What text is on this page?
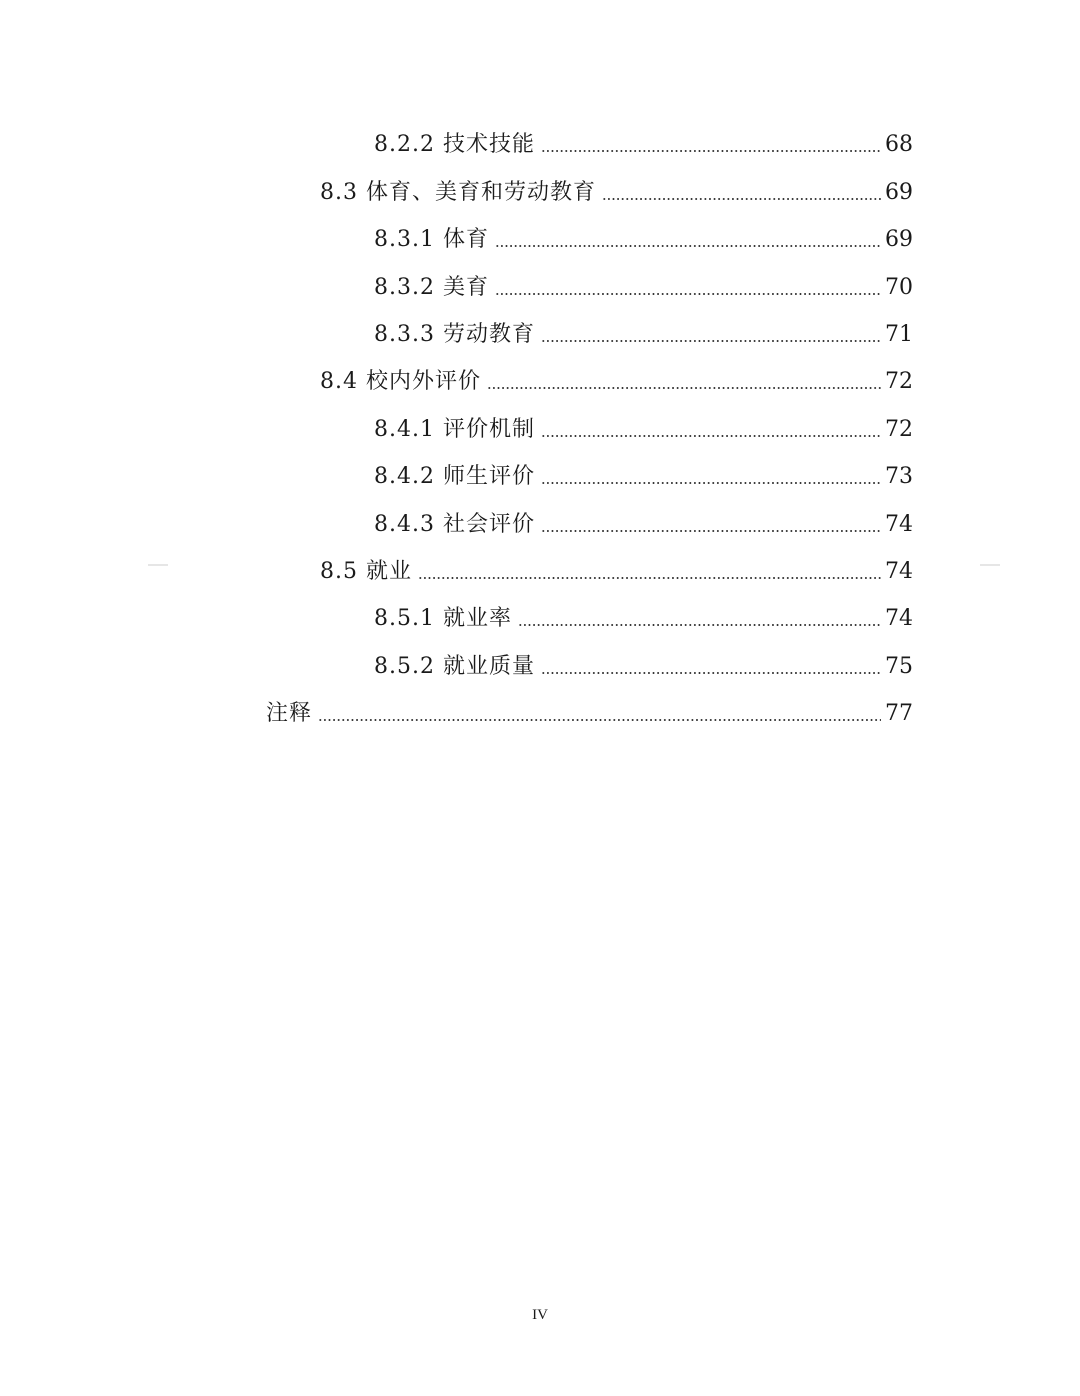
8.2.2 技术技能	68
8.3 体育、美育和劳动教育	69
8.3.1 体育	69
8.3.2 美育	70
8.3.3 劳动教育	71
8.4 校内外评价	72
8.4.1 评价机制	72
8.4.2 师生评价	73
8.4.3 社会评价	74
8.5 就业	74
8.5.1 就业率	74
8.5.2 就业质量	75
注释	77
IV
